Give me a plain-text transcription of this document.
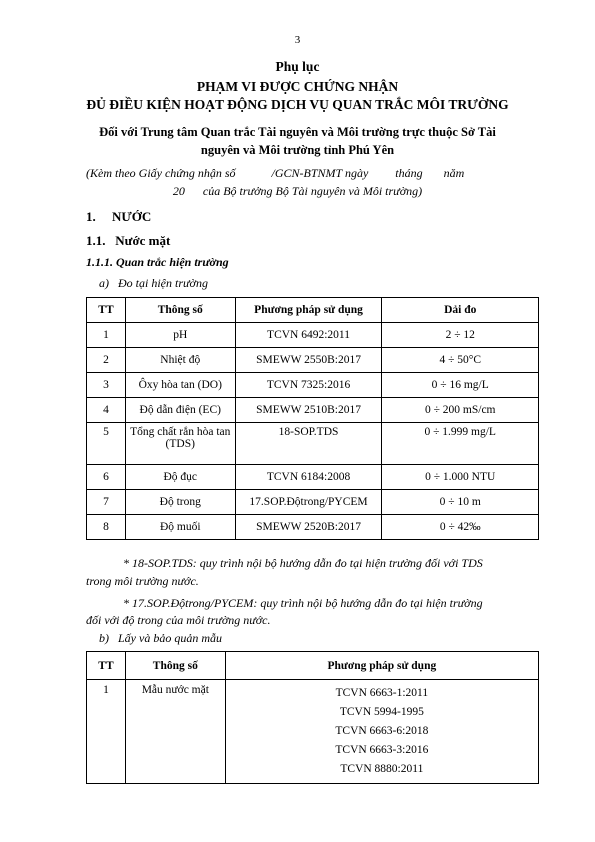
3
Phụ lục
PHẠM VI ĐƯỢC CHỨNG NHẬN
ĐỦ ĐIỀU KIỆN HOẠT ĐỘNG DỊCH VỤ QUAN TRẮC MÔI TRƯỜNG
Đối với Trung tâm Quan trắc Tài nguyên và Môi trường trực thuộc Sở Tài
nguyên và Môi trường tỉnh Phú Yên
(Kèm theo Giấy chứng nhận số            /GCN-BTNMT ngày         tháng       năm
20      của Bộ trưởng Bộ Tài nguyên và Môi trường)
1.     NƯỚC
1.1.   Nước mặt
1.1.1. Quan trắc hiện trường
a)   Đo tại hiện trường
TT	Thông số	Phương pháp sử dụng	Dải đo
1	pH	TCVN 6492:2011	2 ÷ 12
2	Nhiệt độ	SMEWW 2550B:2017	4 ÷ 50°C
3	Ôxy hòa tan (DO)	TCVN 7325:2016	0 ÷ 16 mg/L
4	Độ dẫn điện (EC)	SMEWW 2510B:2017	0 ÷ 200 mS/cm
5	Tổng chất rắn hòa tan (TDS)	18-SOP.TDS	0 ÷ 1.999 mg/L
6	Độ đục	TCVN 6184:2008	0 ÷ 1.000 NTU
7	Độ trong	17.SOP.Độtrong/PYCEM	0 ÷ 10 m
8	Độ muối	SMEWW 2520B:2017	0 ÷ 42‰
* 18-SOP.TDS: quy trình nội bộ hướng dẫn đo tại hiện trường đối với TDS
trong môi trường nước.
* 17.SOP.Độtrong/PYCEM: quy trình nội bộ hướng dẫn đo tại hiện trường
đối với độ trong của môi trường nước.
b)   Lấy và bảo quản mẫu
TT	Thông số	Phương pháp sử dụng
1	Mẫu nước mặt	TCVN 6663-1:2011
TCVN 5994-1995
TCVN 6663-6:2018
TCVN 6663-3:2016
TCVN 8880:2011
